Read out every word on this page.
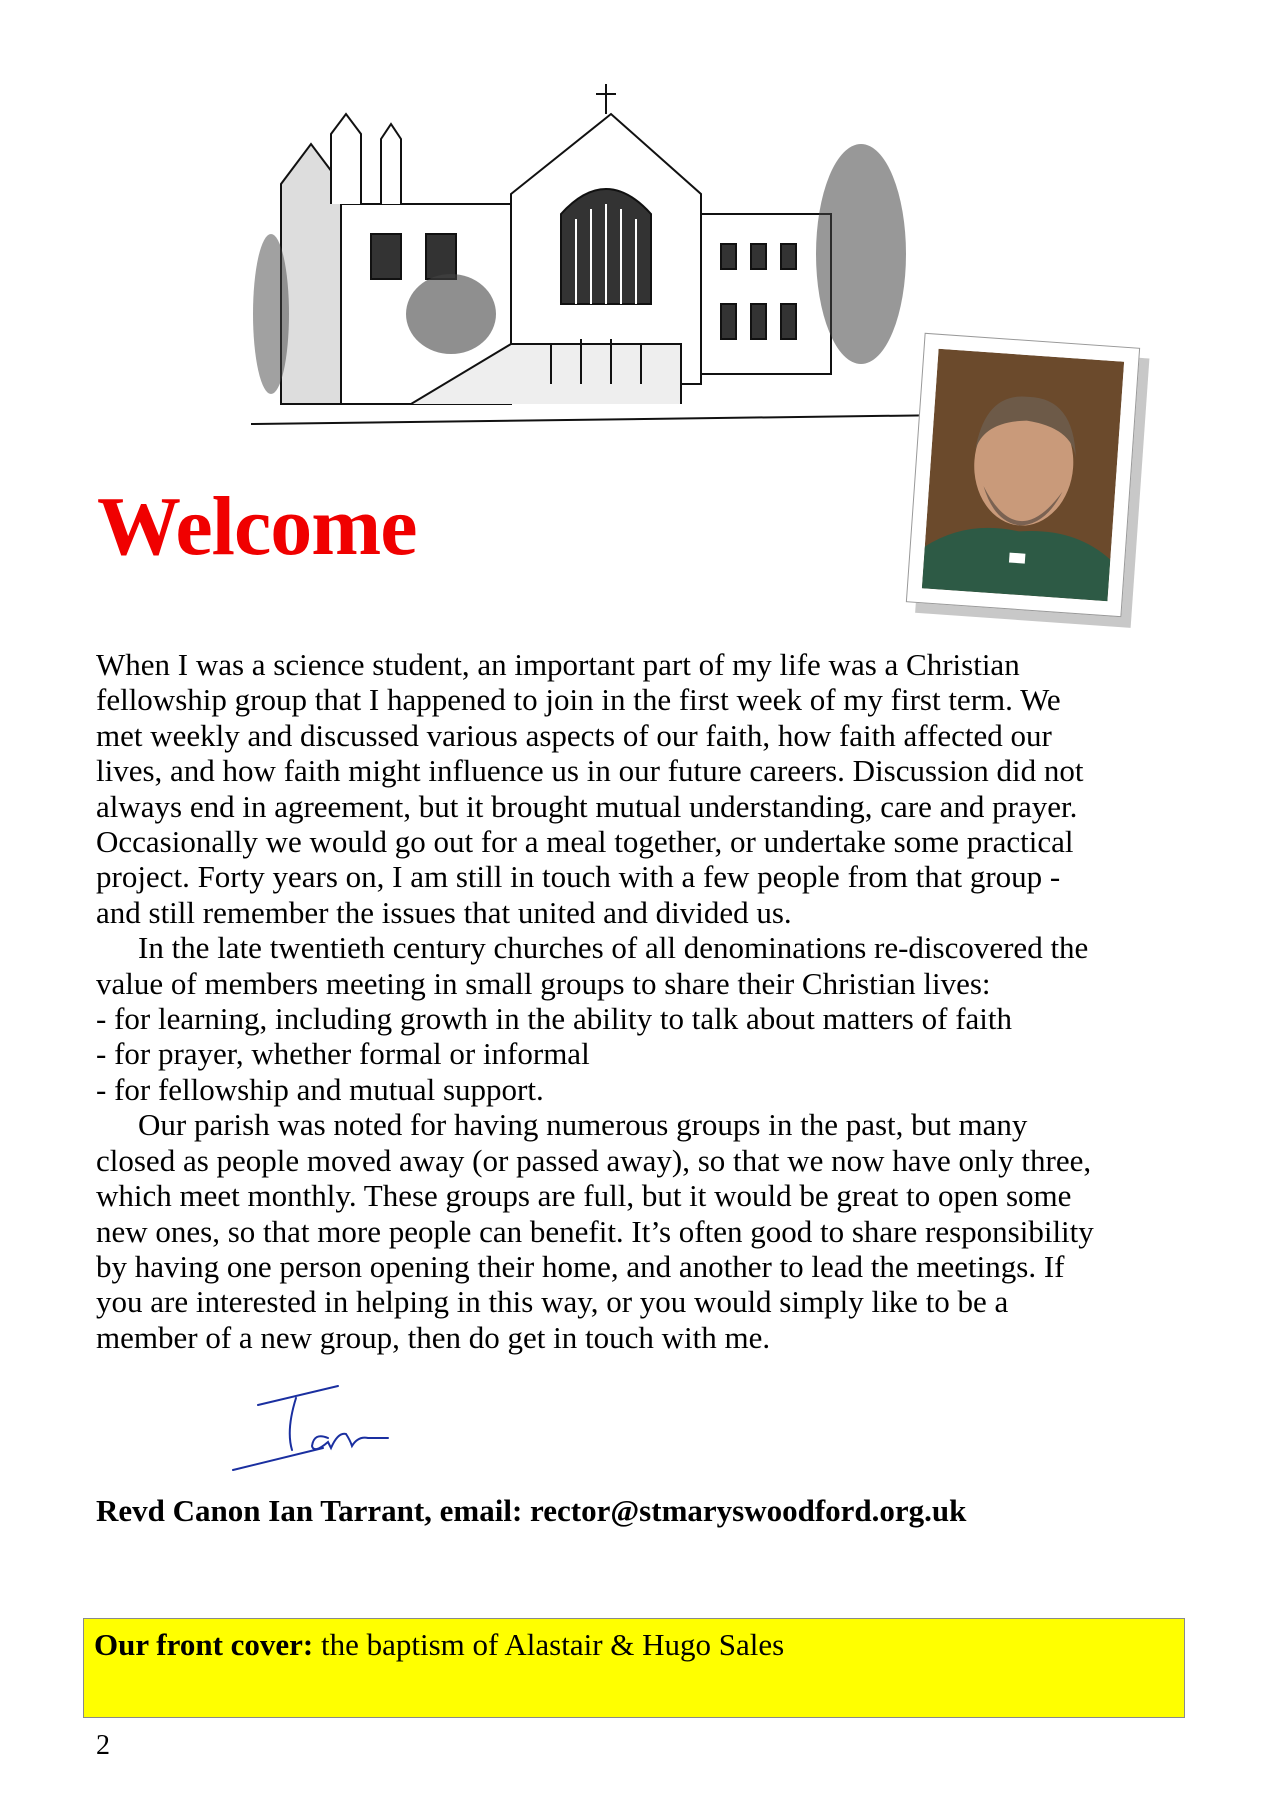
Welcome
When I was a science student, an important part of my life was a Christian
fellowship group that I happened to join in the first week of my first term. We
met weekly and discussed various aspects of our faith, how faith affected our
lives, and how faith might influence us in our future careers. Discussion did not
always end in agreement, but it brought mutual understanding, care and prayer.
Occasionally we would go out for a meal together, or undertake some practical
project. Forty years on, I am still in touch with a few people from that group -
and still remember the issues that united and divided us.
In the late twentieth century churches of all denominations re-discovered the
value of members meeting in small groups to share their Christian lives:
- for learning, including growth in the ability to talk about matters of faith
- for prayer, whether formal or informal
- for fellowship and mutual support.
Our parish was noted for having numerous groups in the past, but many
closed as people moved away (or passed away), so that we now have only three,
which meet monthly. These groups are full, but it would be great to open some
new ones, so that more people can benefit. It’s often good to share responsibility
by having one person opening their home, and another to lead the meetings. If
you are interested in helping in this way, or you would simply like to be a
member of a new group, then do get in touch with me.
Revd Canon Ian Tarrant, email: rector@stmaryswoodford.org.uk
Our front cover: the baptism of Alastair & Hugo Sales
2
